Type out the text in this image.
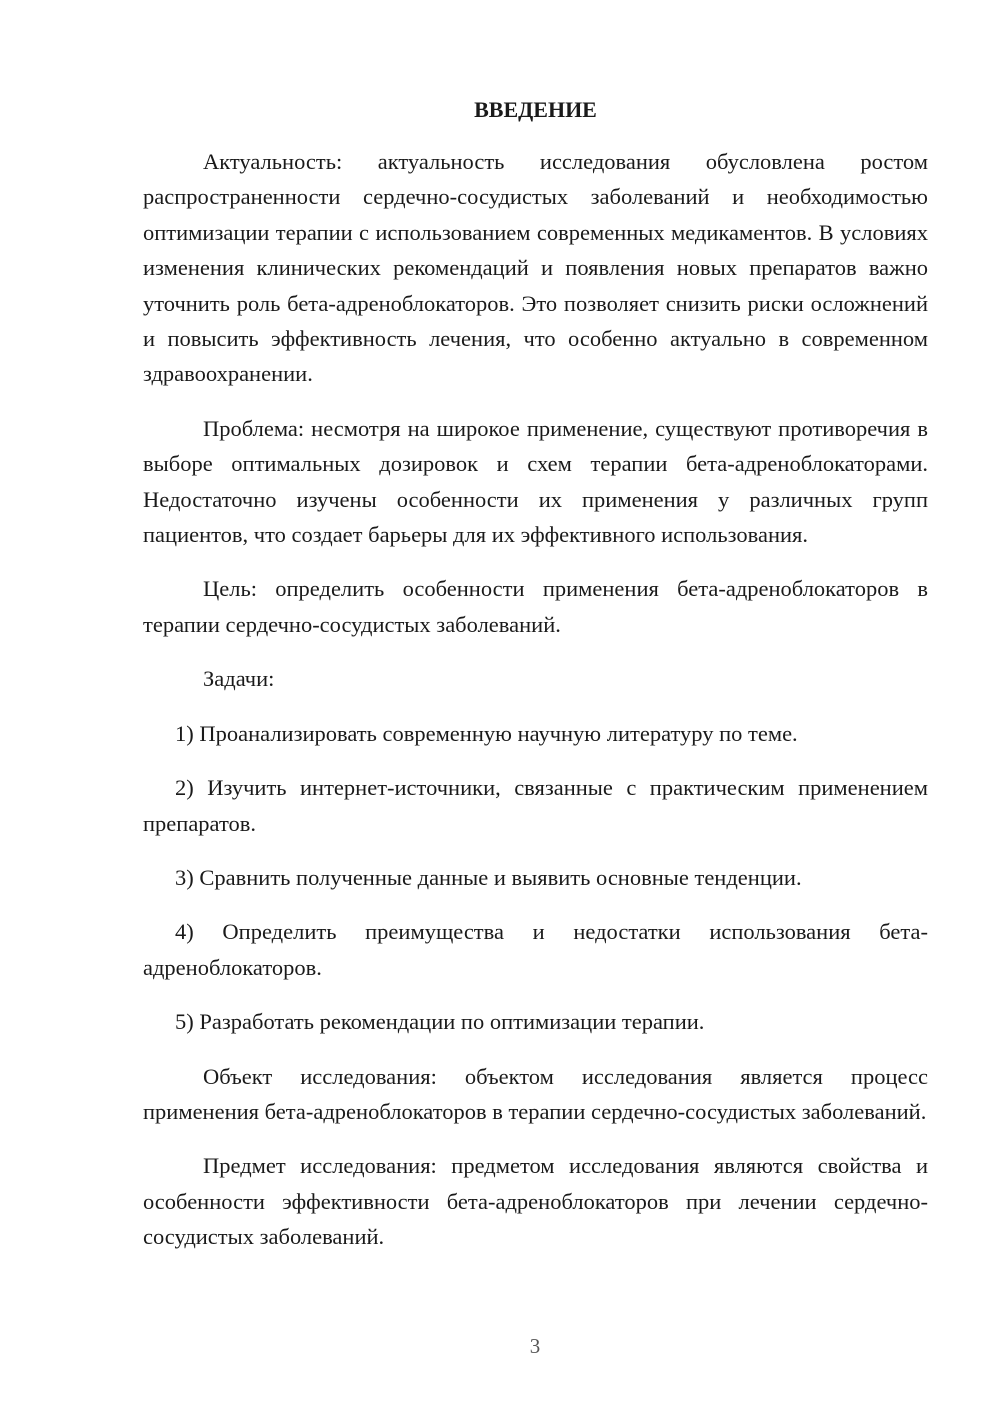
ВВЕДЕНИЕ

Актуальность: актуальность исследования обусловлена ростом распространенности сердечно-сосудистых заболеваний и необходимостью оптимизации терапии с использованием современных медикаментов. В условиях изменения клинических рекомендаций и появления новых препаратов важно уточнить роль бета-адреноблокаторов. Это позволяет снизить риски осложнений и повысить эффективность лечения, что особенно актуально в современном здравоохранении.

Проблема: несмотря на широкое применение, существуют противоречия в выборе оптимальных дозировок и схем терапии бета-адреноблокаторами. Недостаточно изучены особенности их применения у различных групп пациентов, что создает барьеры для их эффективного использования.

Цель: определить особенности применения бета-адреноблокаторов в терапии сердечно-сосудистых заболеваний.

Задачи:

1) Проанализировать современную научную литературу по теме.

2) Изучить интернет-источники, связанные с практическим применением препаратов.

3) Сравнить полученные данные и выявить основные тенденции.

4) Определить преимущества и недостатки использования бета-адреноблокаторов.

5) Разработать рекомендации по оптимизации терапии.

Объект исследования: объектом исследования является процесс применения бета-адреноблокаторов в терапии сердечно-сосудистых заболеваний.

Предмет исследования: предметом исследования являются свойства и особенности эффективности бета-адреноблокаторов при лечении сердечно-сосудистых заболеваний.

3
